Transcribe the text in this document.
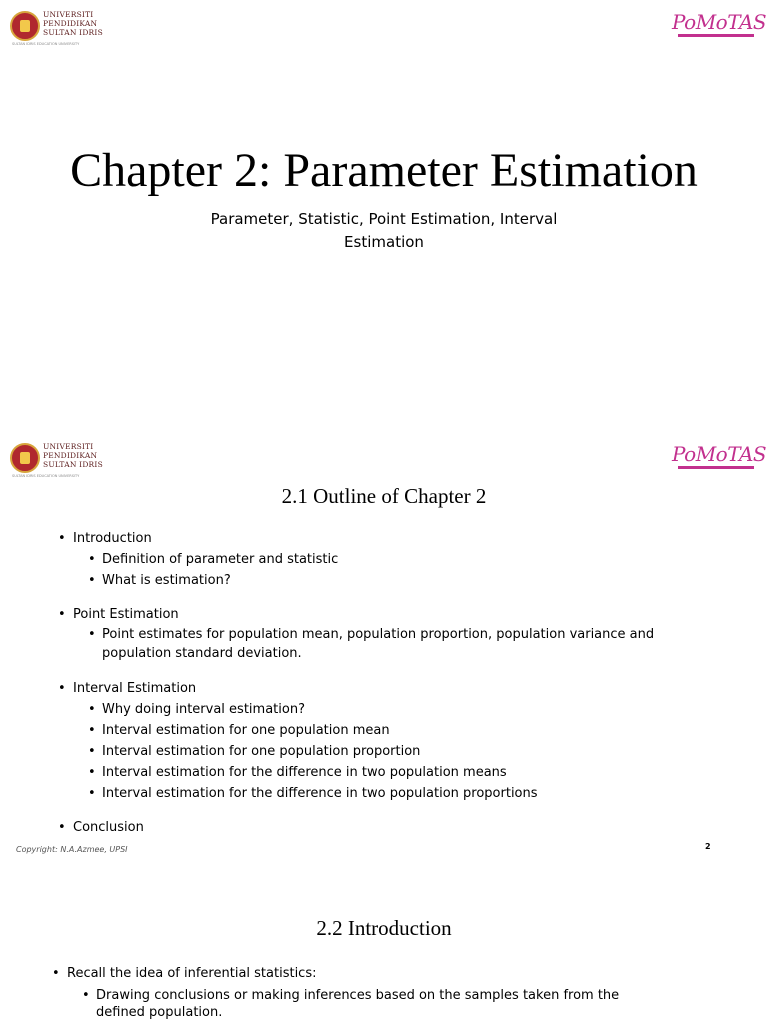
UNIVERSITI
PENDIDIKAN
SULTAN IDRIS
SULTAN IDRIS EDUCATION UNIVERSITY
PoMoTAS
Chapter 2: Parameter Estimation
Parameter, Statistic, Point Estimation, Interval Estimation
UNIVERSITI
PENDIDIKAN
SULTAN IDRIS
SULTAN IDRIS EDUCATION UNIVERSITY
PoMoTAS
2.1 Outline of Chapter 2
• Introduction
• Definition of parameter and statistic
• What is estimation?
• Point Estimation
• Point estimates for population mean, population proportion, population variance and population standard deviation.
• Interval Estimation
• Why doing interval estimation?
• Interval estimation for one population mean
• Interval estimation for one population proportion
• Interval estimation for the difference in two population means
• Interval estimation for the difference in two population proportions
• Conclusion
Copyright: N.A.Azmee, UPSI	2
2.2 Introduction
• Recall the idea of inferential statistics:
• Drawing conclusions or making inferences based on the samples taken from the defined population.
